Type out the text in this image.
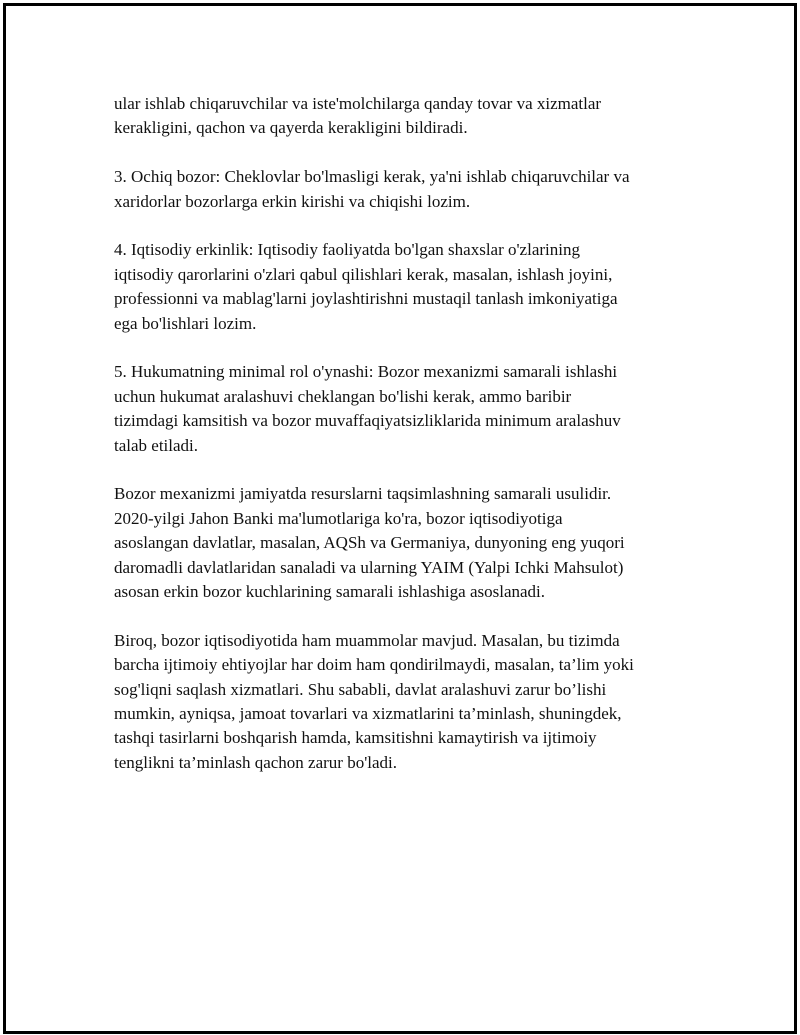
ular ishlab chiqaruvchilar va iste'molchilarga qanday tovar va xizmatlar
kerakligini, qachon va qayerda kerakligini bildiradi.

3. Ochiq bozor: Cheklovlar bo'lmasligi kerak, ya'ni ishlab chiqaruvchilar va
xaridorlar bozorlarga erkin kirishi va chiqishi lozim.

4. Iqtisodiy erkinlik: Iqtisodiy faoliyatda bo'lgan shaxslar o'zlarining
iqtisodiy qarorlarini o'zlari qabul qilishlari kerak, masalan, ishlash joyini,
professionni va mablag'larni joylashtirishni mustaqil tanlash imkoniyatiga
ega bo'lishlari lozim.

5. Hukumatning minimal rol o'ynashi: Bozor mexanizmi samarali ishlashi
uchun hukumat aralashuvi cheklangan bo'lishi kerak, ammo baribir
tizimdagi kamsitish va bozor muvaffaqiyatsizliklarida minimum aralashuv
talab etiladi.

Bozor mexanizmi jamiyatda resurslarni taqsimlashning samarali usulidir.
2020-yilgi Jahon Banki ma'lumotlariga ko'ra, bozor iqtisodiyotiga
asoslangan davlatlar, masalan, AQSh va Germaniya, dunyoning eng yuqori
daromadli davlatlaridan sanaladi va ularning YAIM (Yalpi Ichki Mahsulot)
asosan erkin bozor kuchlarining samarali ishlashiga asoslanadi.

Biroq, bozor iqtisodiyotida ham muammolar mavjud. Masalan, bu tizimda
barcha ijtimoiy ehtiyojlar har doim ham qondirilmaydi, masalan, ta’lim yoki
sog'liqni saqlash xizmatlari. Shu sababli, davlat aralashuvi zarur bo’lishi
mumkin, ayniqsa, jamoat tovarlari va xizmatlarini ta’minlash, shuningdek,
tashqi tasirlarni boshqarish hamda, kamsitishni kamaytirish va ijtimoiy
tenglikni ta’minlash qachon zarur bo'ladi.
